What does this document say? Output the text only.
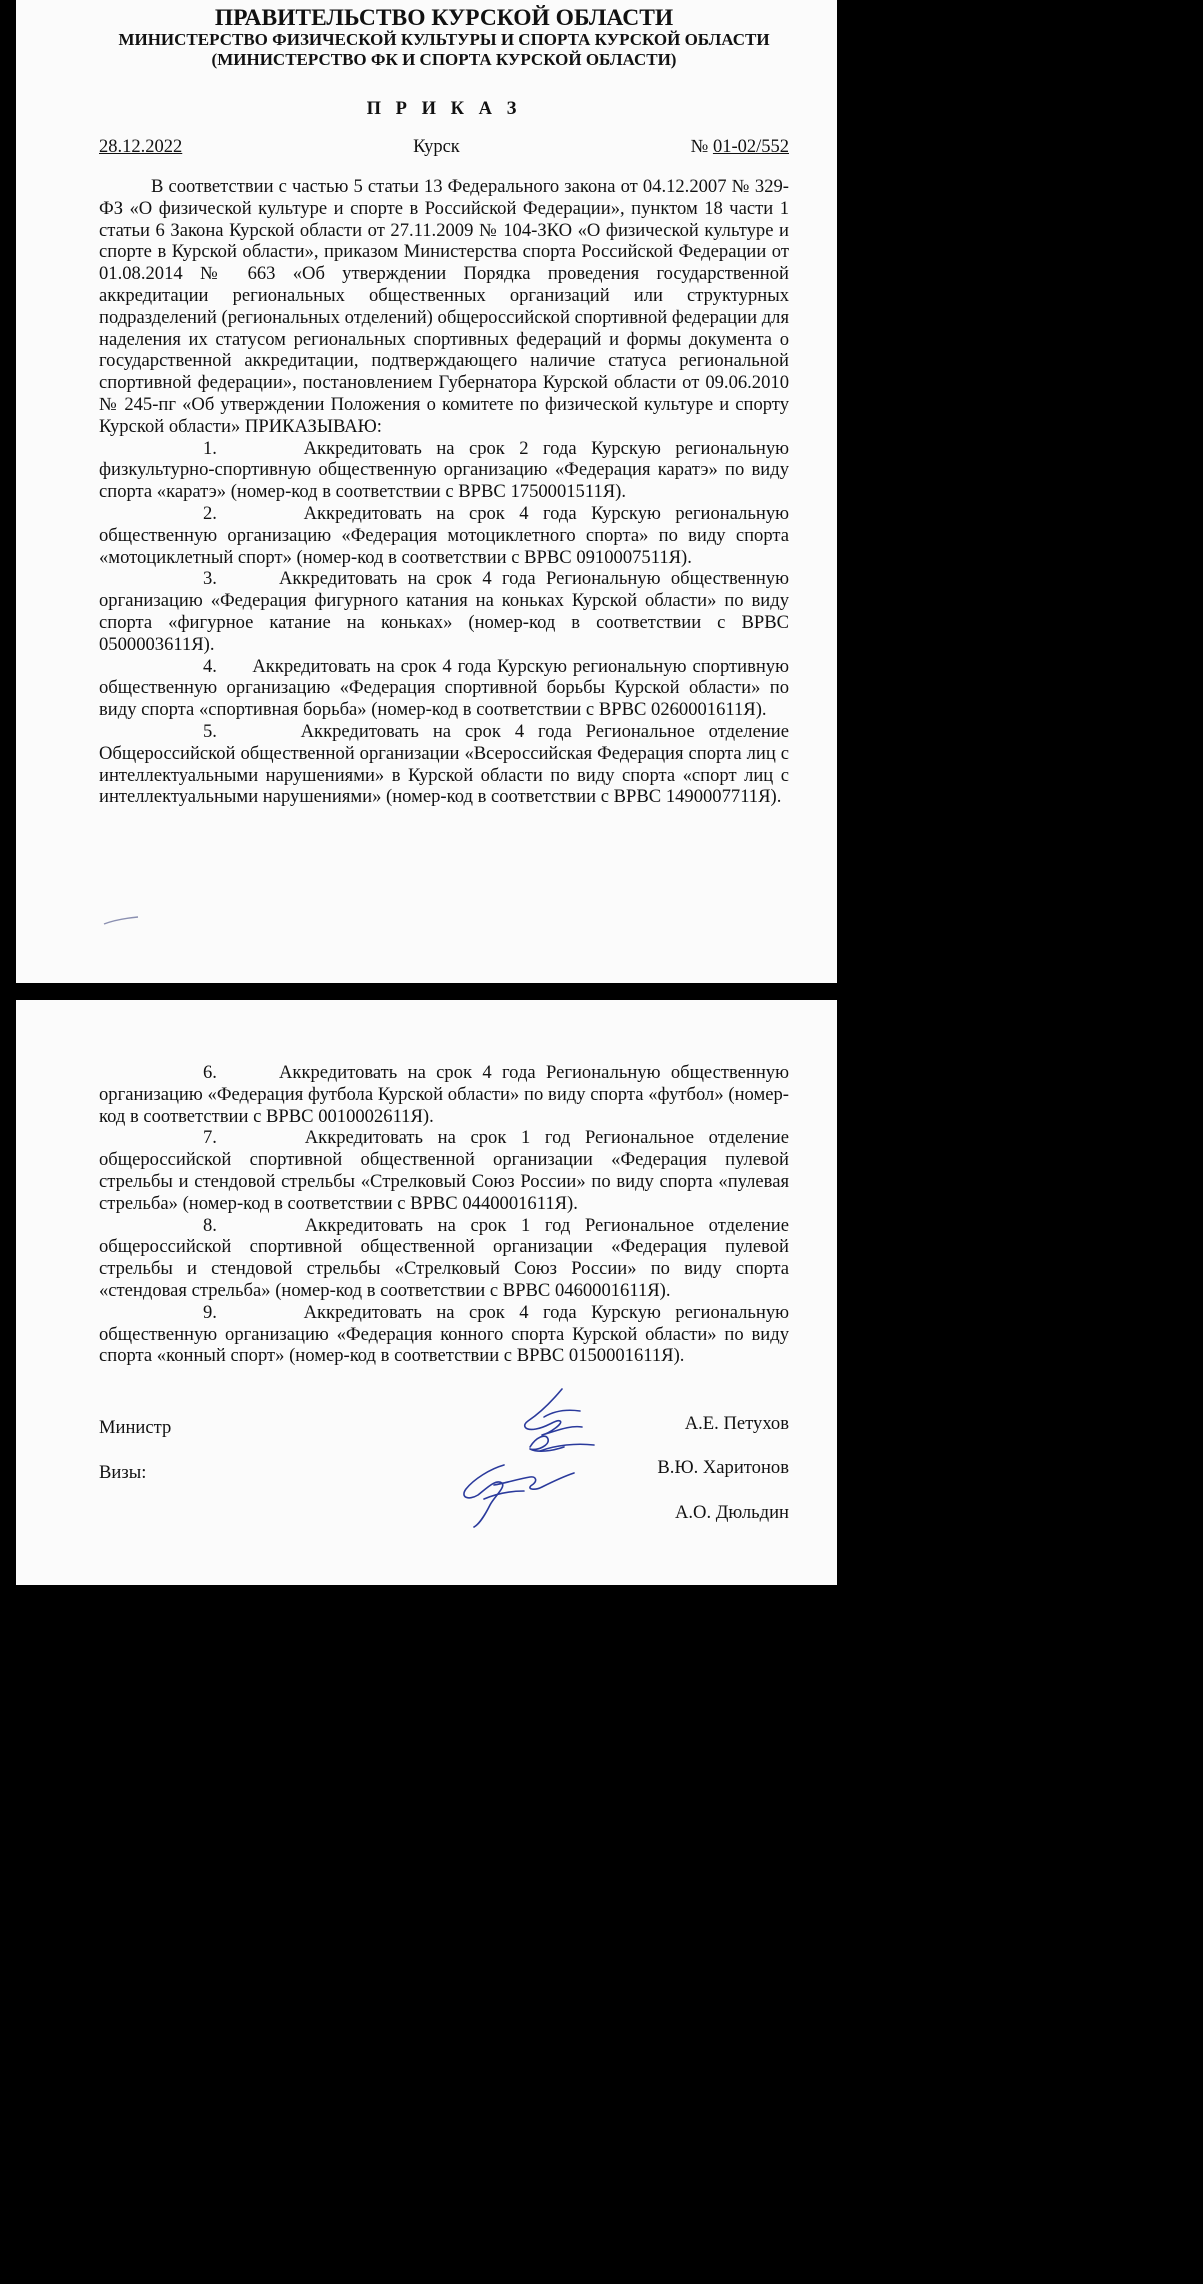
ПРАВИТЕЛЬСТВО КУРСКОЙ ОБЛАСТИ

МИНИСТЕРСТВО ФИЗИЧЕСКОЙ КУЛЬТУРЫ И СПОРТА КУРСКОЙ ОБЛАСТИ

(МИНИСТЕРСТВО ФК И СПОРТА КУРСКОЙ ОБЛАСТИ)

П Р И К А З
28.12.2022	Курск	№ 01-02/552

В соответствии с частью 5 статьи 13 Федерального закона от 04.12.2007 № 329-ФЗ «О физической культуре и спорте в Российской Федерации», пунктом 18 части 1 статьи 6 Закона Курской области от 27.11.2009 № 104-ЗКО «О физической культуре и спорте в Курской области», приказом Министерства спорта Российской Федерации от 01.08.2014 № 663 «Об утверждении Порядка проведения государственной аккредитации региональных общественных организаций или структурных подразделений (региональных отделений) общероссийской спортивной федерации для наделения их статусом региональных спортивных федераций и формы документа о государственной аккредитации, подтверждающего наличие статуса региональной спортивной федерации», постановлением Губернатора Курской области от 09.06.2010 № 245-пг «Об утверждении Положения о комитете по физической культуре и спорту Курской области» ПРИКАЗЫВАЮ:

1.	Аккредитовать на срок 2 года Курскую региональную физкультурно-спортивную общественную организацию «Федерация каратэ» по виду спорта «каратэ» (номер-код в соответствии с ВРВС 1750001511Я).

2.	Аккредитовать на срок 4 года Курскую региональную общественную организацию «Федерация мотоциклетного спорта» по виду спорта «мотоциклетный спорт» (номер-код в соответствии с ВРВС 0910007511Я).

3.	Аккредитовать на срок 4 года Региональную общественную организацию «Федерация фигурного катания на коньках Курской области» по виду спорта «фигурное катание на коньках» (номер-код в соответствии с ВРВС 0500003611Я).

4. Аккредитовать на срок 4 года Курскую региональную спортивную общественную организацию «Федерация спортивной борьбы Курской области» по виду спорта «спортивная борьба» (номер-код в соответствии с ВРВС 0260001611Я).

5.	Аккредитовать на срок 4 года Региональное отделение Общероссийской общественной организации «Всероссийская Федерация спорта лиц с интеллектуальными нарушениями» в Курской области по виду спорта «спорт лиц с интеллектуальными нарушениями» (номер-код в соответствии с ВРВС 1490007711Я).

6.	Аккредитовать на срок 4 года Региональную общественную организацию «Федерация футбола Курской области» по виду спорта «футбол» (номер-код в соответствии с ВРВС 0010002611Я).

7.	Аккредитовать на срок 1 год Региональное отделение общероссийской спортивной общественной организации «Федерация пулевой стрельбы и стендовой стрельбы «Стрелковый Союз России» по виду спорта «пулевая стрельба» (номер-код в соответствии с ВРВС 0440001611Я).

8.	Аккредитовать на срок 1 год Региональное отделение общероссийской спортивной общественной организации «Федерация пулевой стрельбы и стендовой стрельбы «Стрелковый Союз России» по виду спорта «стендовая стрельба» (номер-код в соответствии с ВРВС 0460001611Я).

9.	Аккредитовать на срок 4 года Курскую региональную общественную организацию «Федерация конного спорта Курской области» по виду спорта «конный спорт» (номер-код в соответствии с ВРВС 0150001611Я).

Министр
Визы:
А.Е. Петухов
В.Ю. Харитонов
А.О. Дюльдин
